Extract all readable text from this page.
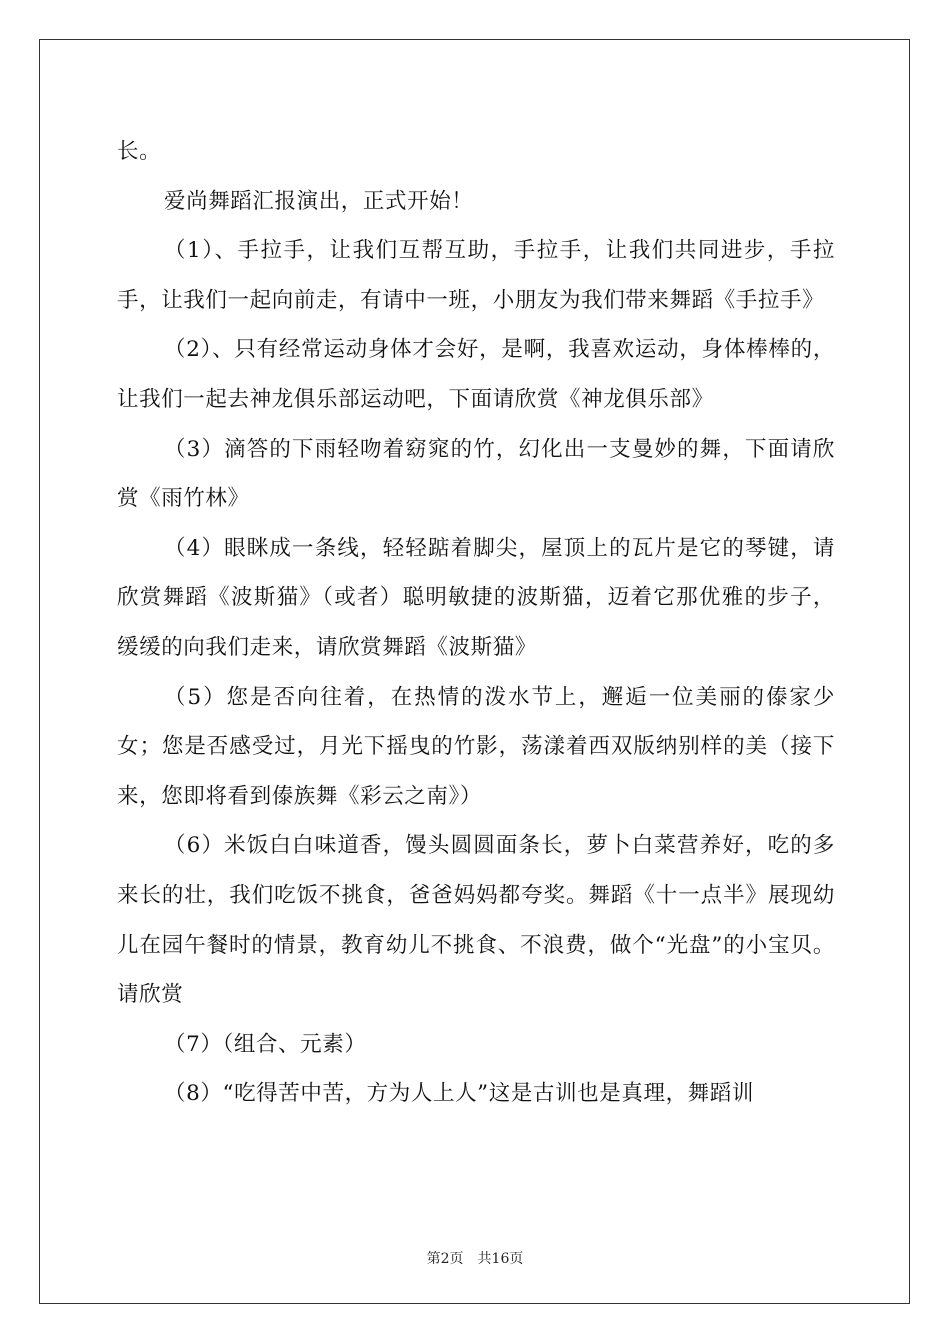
长。

爱尚舞蹈汇报演出，正式开始！

（1）、手拉手，让我们互帮互助，手拉手，让我们共同进步，手拉手，让我们一起向前走，有请中一班，小朋友为我们带来舞蹈《手拉手》

（2）、只有经常运动身体才会好，是啊，我喜欢运动，身体棒棒的，让我们一起去神龙俱乐部运动吧，下面请欣赏《神龙俱乐部》

（3）滴答的下雨轻吻着窈窕的竹，幻化出一支曼妙的舞，下面请欣赏《雨竹林》

（4）眼眯成一条线，轻轻踮着脚尖，屋顶上的瓦片是它的琴键，请欣赏舞蹈《波斯猫》（或者）聪明敏捷的波斯猫，迈着它那优雅的步子，缓缓的向我们走来，请欣赏舞蹈《波斯猫》

（5）您是否向往着，在热情的泼水节上，邂逅一位美丽的傣家少女；您是否感受过，月光下摇曳的竹影，荡漾着西双版纳别样的美（接下来，您即将看到傣族舞《彩云之南》）

（6）米饭白白味道香，馒头圆圆面条长，萝卜白菜营养好，吃的多来长的壮，我们吃饭不挑食，爸爸妈妈都夸奖。舞蹈《十一点半》展现幼儿在园午餐时的情景，教育幼儿不挑食、不浪费，做个“光盘”的小宝贝。请欣赏

（7）（组合、元素）

（8）“吃得苦中苦，方为人上人”这是古训也是真理，舞蹈训

第2页 共16页
